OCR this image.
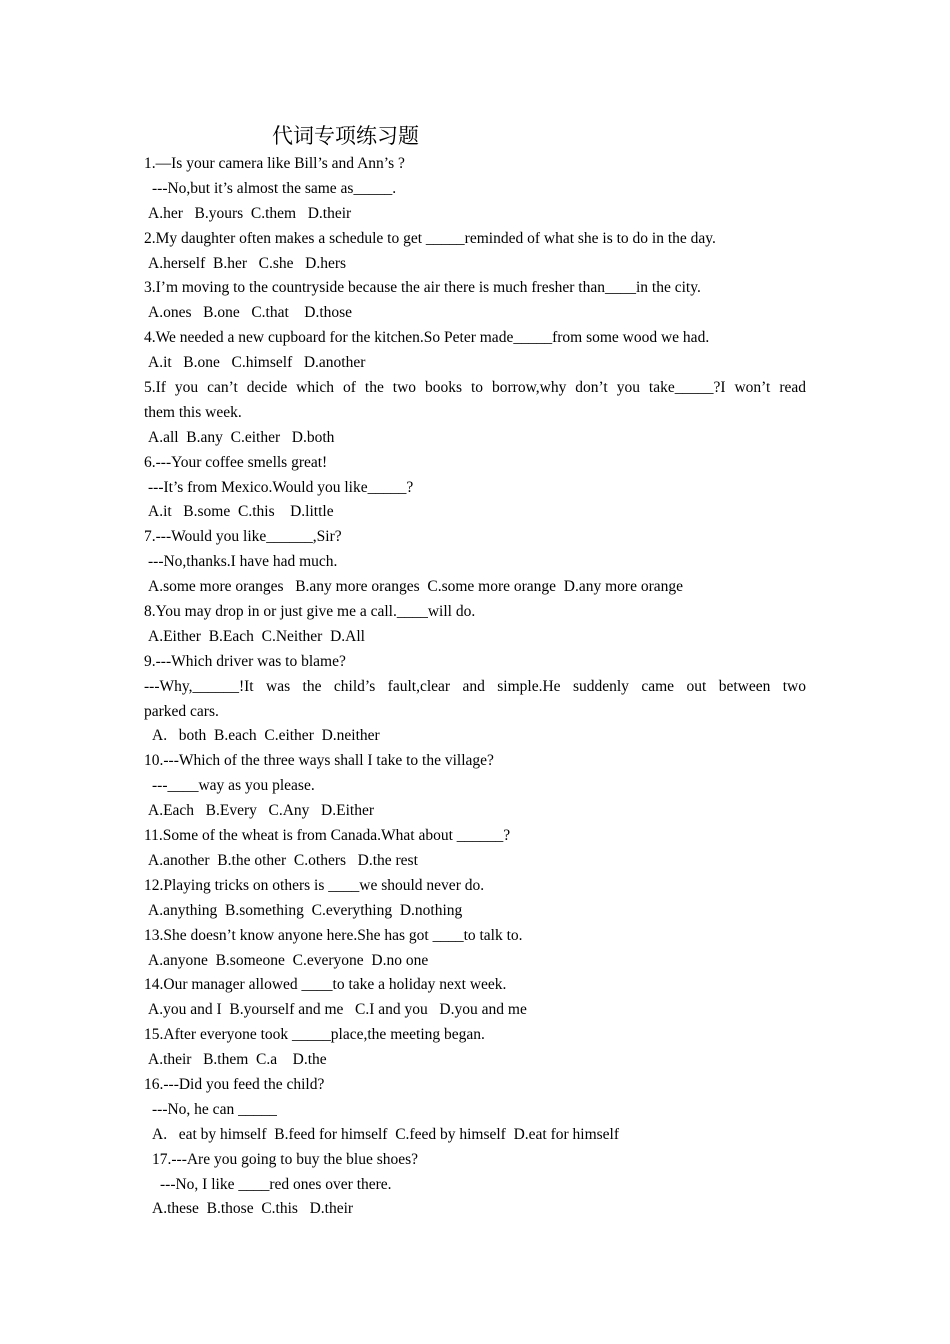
代词专项练习题
1.—Is your camera like Bill’s and Ann’s ?
---No,but it’s almost the same as_____.
A.her   B.yours  C.them   D.their
2.My daughter often makes a schedule to get _____reminded of what she is to do in the day.
A.herself  B.her   C.she   D.hers
3.I’m moving to the countryside because the air there is much fresher than____in the city.
A.ones   B.one   C.that    D.those
4.We needed a new cupboard for the kitchen.So Peter made_____from some wood we had.
A.it   B.one   C.himself   D.another
5.If you can’t decide which of the two books to borrow,why don’t you take_____?I won’t read
them this week.
A.all  B.any  C.either   D.both
6.---Your coffee smells great!
---It’s from Mexico.Would you like_____?
A.it   B.some  C.this    D.little
7.---Would you like______,Sir?
---No,thanks.I have had much.
A.some more oranges   B.any more oranges  C.some more orange  D.any more orange
8.You may drop in or just give me a call.____will do.
A.Either  B.Each  C.Neither  D.All
9.---Which driver was to blame?
---Why,______!It was the child’s fault,clear and simple.He suddenly came out between two
parked cars.
A.   both  B.each  C.either  D.neither
10.---Which of the three ways shall I take to the village?
---____way as you please.
A.Each   B.Every   C.Any   D.Either
11.Some of the wheat is from Canada.What about ______?
A.another  B.the other  C.others   D.the rest
12.Playing tricks on others is ____we should never do.
A.anything  B.something  C.everything  D.nothing
13.She doesn’t know anyone here.She has got ____to talk to.
A.anyone  B.someone  C.everyone  D.no one
14.Our manager allowed ____to take a holiday next week.
A.you and I  B.yourself and me   C.I and you   D.you and me
15.After everyone took _____place,the meeting began.
A.their   B.them  C.a    D.the
16.---Did you feed the child?
---No, he can _____
A.   eat by himself  B.feed for himself  C.feed by himself  D.eat for himself
17.---Are you going to buy the blue shoes?
---No, I like ____red ones over there.
A.these  B.those  C.this   D.their
